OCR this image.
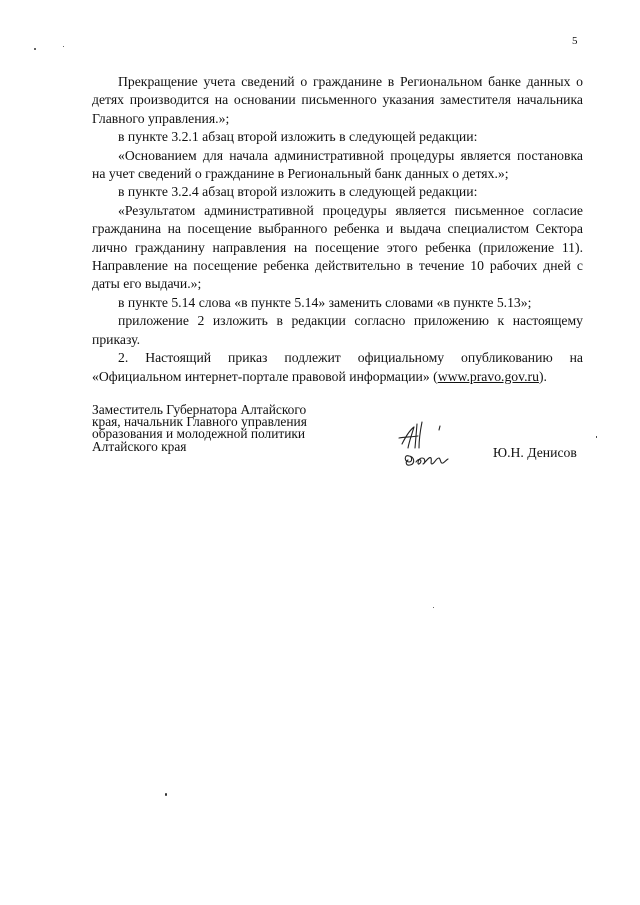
5

Прекращение учета сведений о гражданине в Региональном банке данных о детях производится на основании письменного указания заместителя начальника Главного управления.»;

в пункте 3.2.1 абзац второй изложить в следующей редакции:

«Основанием для начала административной процедуры является постановка на учет сведений о гражданине в Региональный банк данных о детях.»;

в пункте 3.2.4 абзац второй изложить в следующей редакции:

«Результатом административной процедуры является письменное согласие гражданина на посещение выбранного ребенка и выдача специалистом Сектора лично гражданину направления на посещение этого ребенка (приложение 11). Направление на посещение ребенка действительно в течение 10 рабочих дней с даты его выдачи.»;

в пункте 5.14 слова «в пункте 5.14» заменить словами «в пункте 5.13»;

приложение 2 изложить в редакции согласно приложению к настоящему приказу.

2. Настоящий приказ подлежит официальному опубликованию на «Официальном интернет-портале правовой информации» (www.pravo.gov.ru).

Заместитель Губернатора Алтайского
края, начальник Главного управления
образования и молодежной политики
Алтайского края	Ю.Н. Денисов
